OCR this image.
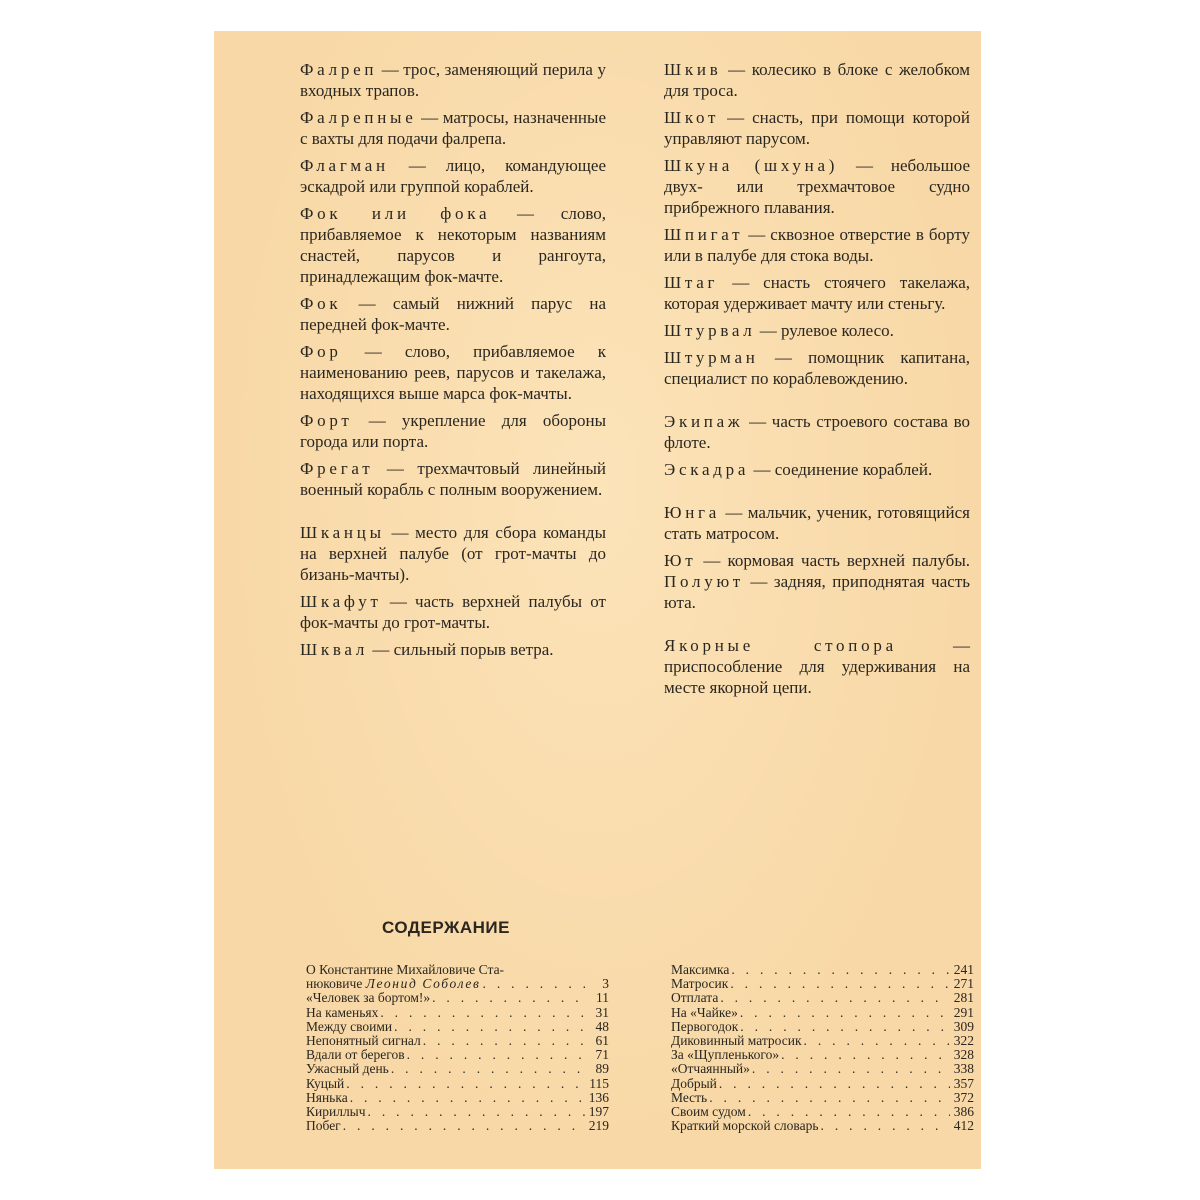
Фалреп — трос, заменяющий перила у входных трапов.

Фалрепные — матросы, назначенные с вахты для подачи фалрепа.

Флагман — лицо, командующее эскадрой или группой кораблей.

Фок или фока — слово, прибавляемое к некоторым названиям снастей, парусов и рангоута, принадлежащим фок-мачте.

Фок — самый нижний парус на передней фок-мачте.

Фор — слово, прибавляемое к наименованию реев, парусов и такелажа, находящихся выше марса фок-мачты.

Форт — укрепление для обороны города или порта.

Фрегат — трехмачтовый линейный военный корабль с полным вооружением.

Шканцы — место для сбора команды на верхней палубе (от грот-мачты до бизань-мачты).

Шкафут — часть верхней палубы от фок-мачты до грот-мачты.

Шквал — сильный порыв ветра.

Шкив — колесико в блоке с желобком для троса.

Шкот — снасть, при помощи которой управляют парусом.

Шкуна (шхуна) — небольшое двух- или трехмачтовое судно прибрежного плавания.

Шпигат — сквозное отверстие в борту или в палубе для стока воды.

Штаг — снасть стоячего такелажа, которая удерживает мачту или стеньгу.

Штурвал — рулевое колесо.

Штурман — помощник капитана, специалист по кораблевождению.

Экипаж — часть строевого состава во флоте.

Эскадра — соединение кораблей.

Юнга — мальчик, ученик, готовящийся стать матросом.

Ют — кормовая часть верхней палубы. Полуют — задняя, приподнятая часть юта.

Якорные стопора — приспособление для удерживания на месте якорной цепи.

СОДЕРЖАНИЕ
О Константине Михайловиче Ста-
нюковиче Леонид Соболев . . .	3
«Человек за бортом!» . . .	11
На каменьях . . .	31
Между своими . . .	48
Непонятный сигнал . . .	61
Вдали от берегов . . .	71
Ужасный день . . .	89
Куцый . . .	115
Нянька . . .	136
Кириллыч . . .	197
Побег . . .	219
Максимка . . .	241
Матросик . . .	271
Отплата . . .	281
На «Чайке» . . .	291
Первогодок . . .	309
Диковинный матросик . . .	322
За «Щупленького» . . .	328
«Отчаянный» . . .	338
Добрый . . .	357
Месть . . .	372
Своим судом . . .	386
Краткий морской словарь . . .	412
